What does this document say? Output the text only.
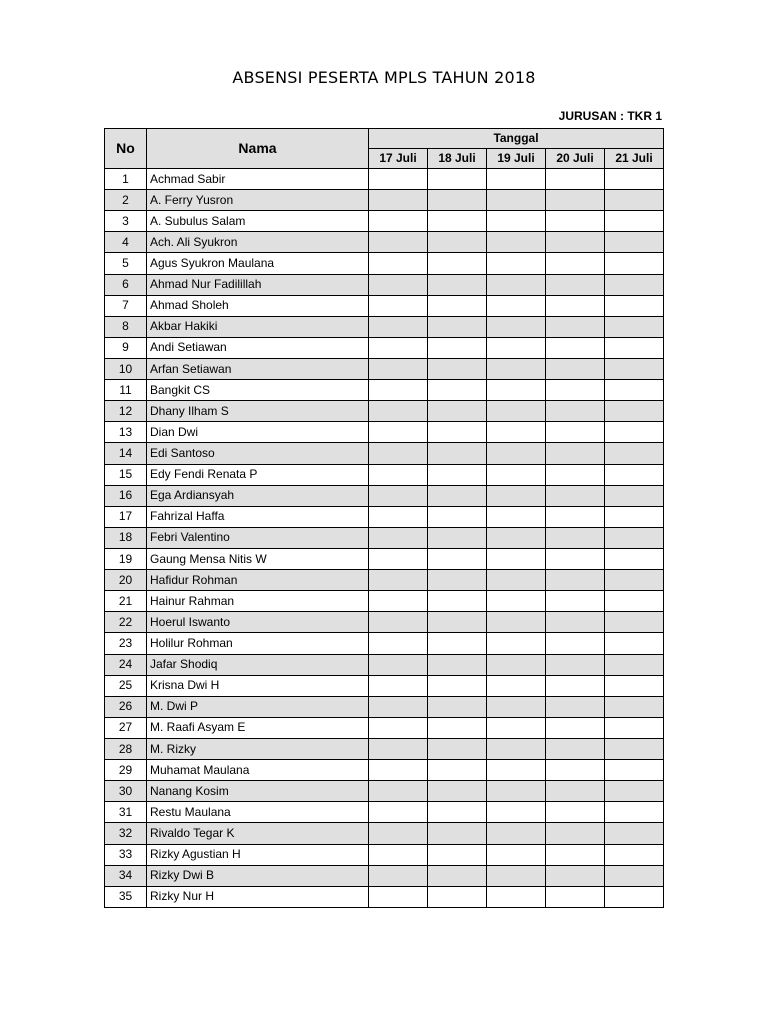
ABSENSI PESERTA MPLS TAHUN 2018
JURUSAN : TKR 1
No	Nama	Tanggal				
		17 Juli	18 Juli	19 Juli	20 Juli	21 Juli
1	Achmad Sabir					
2	A. Ferry Yusron					
3	A. Subulus Salam					
4	Ach. Ali Syukron					
5	Agus Syukron Maulana					
6	Ahmad Nur Fadilillah					
7	Ahmad Sholeh					
8	Akbar Hakiki					
9	Andi Setiawan					
10	Arfan Setiawan					
11	Bangkit CS					
12	Dhany Ilham S					
13	Dian Dwi					
14	Edi Santoso					
15	Edy Fendi Renata P					
16	Ega Ardiansyah					
17	Fahrizal Haffa					
18	Febri Valentino					
19	Gaung Mensa Nitis W					
20	Hafidur Rohman					
21	Hainur Rahman					
22	Hoerul Iswanto					
23	Holilur Rohman					
24	Jafar Shodiq					
25	Krisna Dwi H					
26	M. Dwi P					
27	M. Raafi Asyam E					
28	M. Rizky					
29	Muhamat Maulana					
30	Nanang Kosim					
31	Restu Maulana					
32	Rivaldo Tegar K					
33	Rizky Agustian H					
34	Rizky Dwi B					
35	Rizky Nur H					
